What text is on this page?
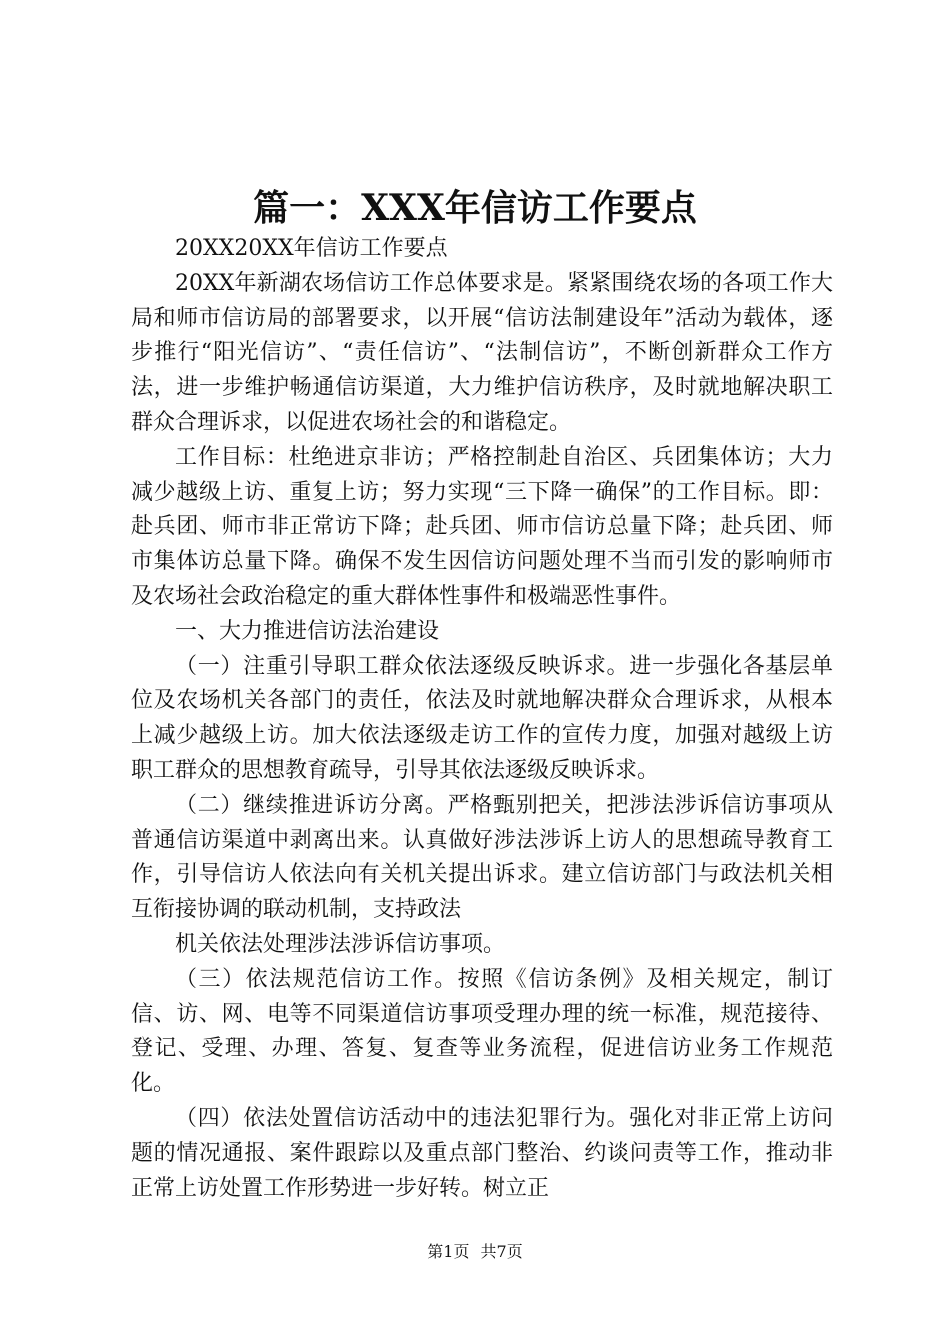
篇一：XXX年信访工作要点

20XX20XX年信访工作要点

20XX年新湖农场信访工作总体要求是。紧紧围绕农场的各项工作大局和师市信访局的部署要求，以开展“信访法制建设年”活动为载体，逐步推行“阳光信访”、“责任信访”、“法制信访”，不断创新群众工作方法，进一步维护畅通信访渠道，大力维护信访秩序，及时就地解决职工群众合理诉求，以促进农场社会的和谐稳定。

工作目标：杜绝进京非访；严格控制赴自治区、兵团集体访；大力减少越级上访、重复上访；努力实现“三下降一确保”的工作目标。即：赴兵团、师市非正常访下降；赴兵团、师市信访总量下降；赴兵团、师市集体访总量下降。确保不发生因信访问题处理不当而引发的影响师市及农场社会政治稳定的重大群体性事件和极端恶性事件。

一、大力推进信访法治建设

（一）注重引导职工群众依法逐级反映诉求。进一步强化各基层单位及农场机关各部门的责任，依法及时就地解决群众合理诉求，从根本上减少越级上访。加大依法逐级走访工作的宣传力度，加强对越级上访职工群众的思想教育疏导，引导其依法逐级反映诉求。

（二）继续推进诉访分离。严格甄别把关，把涉法涉诉信访事项从普通信访渠道中剥离出来。认真做好涉法涉诉上访人的思想疏导教育工作，引导信访人依法向有关机关提出诉求。建立信访部门与政法机关相互衔接协调的联动机制，支持政法

机关依法处理涉法涉诉信访事项。

（三）依法规范信访工作。按照《信访条例》及相关规定，制订信、访、网、电等不同渠道信访事项受理办理的统一标准，规范接待、登记、受理、办理、答复、复查等业务流程，促进信访业务工作规范化。

（四）依法处置信访活动中的违法犯罪行为。强化对非正常上访问题的情况通报、案件跟踪以及重点部门整治、约谈问责等工作，推动非正常上访处置工作形势进一步好转。树立正

第1页 共7页
